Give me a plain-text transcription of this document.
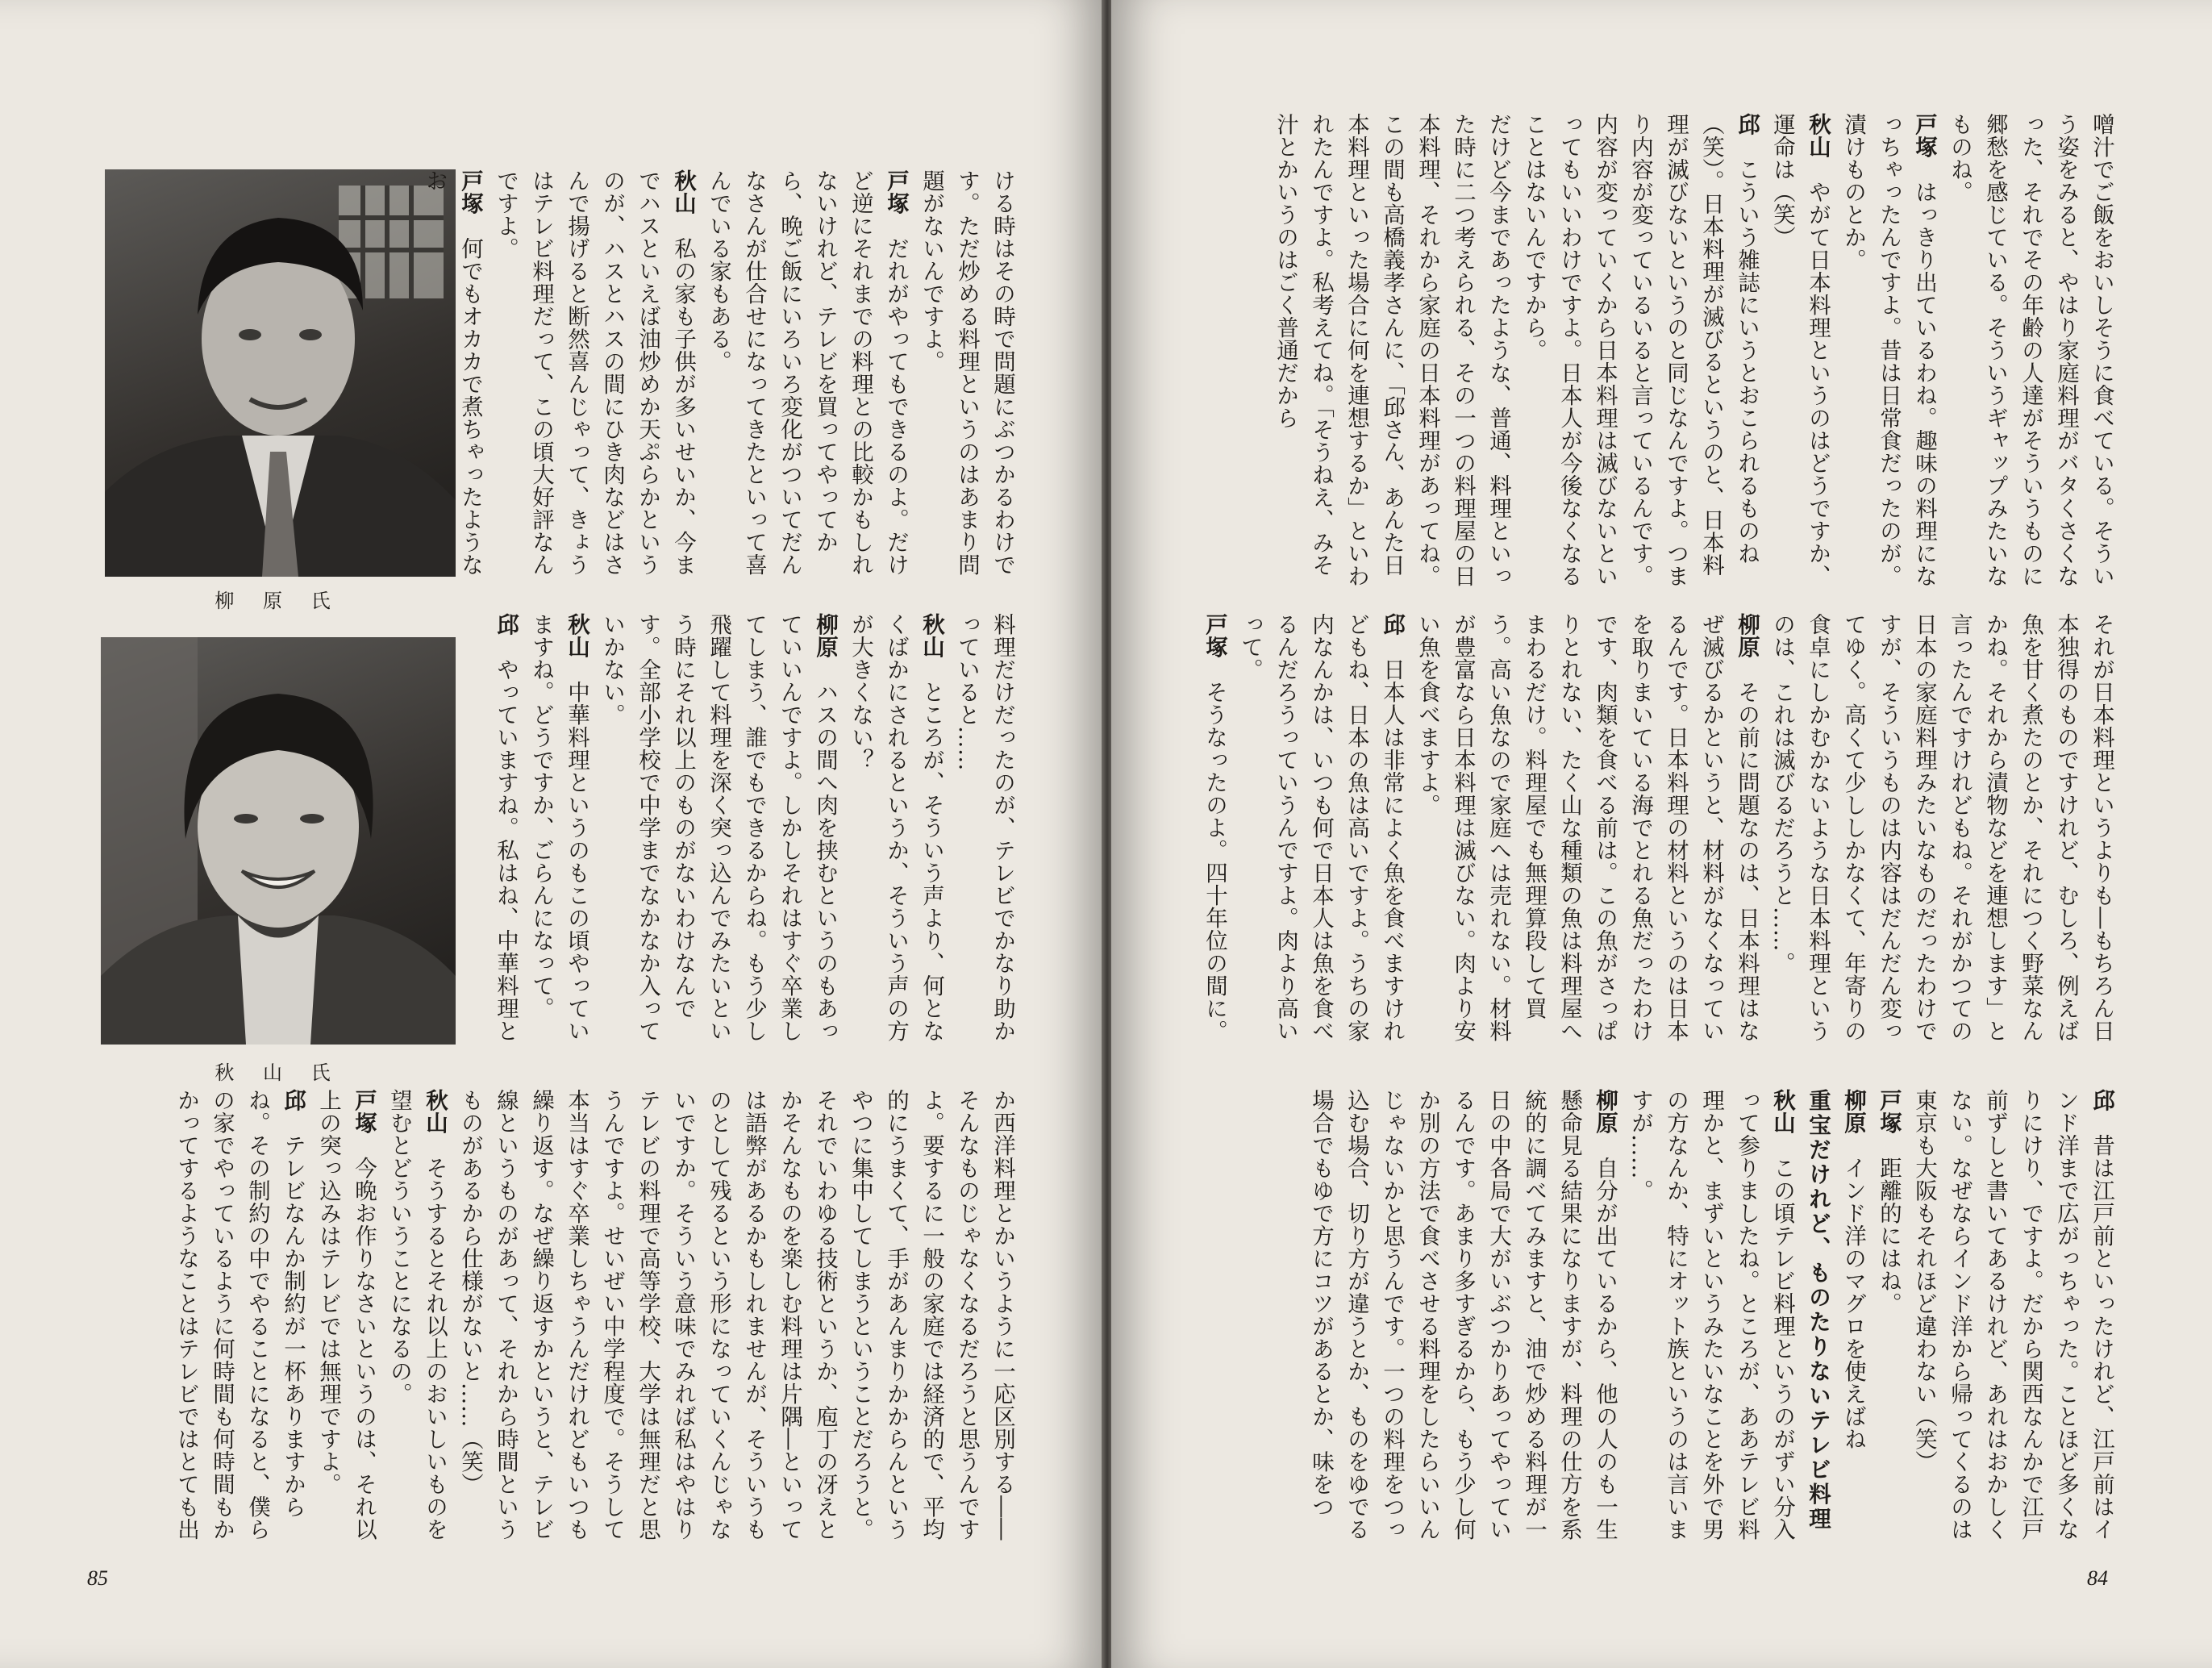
柳 原 氏
秋 山 氏

ける時はその時で問題にぶつかるわけです。ただ炒める料理というのはあまり問題がないんですよ。

戸塚だれがやってもできるのよ。だけど逆にそれまでの料理との比較かもしれないけれど、テレビを買ってやってから、晩ご飯にいろいろ変化がついてだんなさんが仕合せになってきたといって喜んでいる家もある。

秋山私の家も子供が多いせいか、今までハスといえば油炒めか天ぷらかというのが、ハスとハスの間にひき肉などはさんで揚げると断然喜んじゃって、きょうはテレビ料理だって、この頃大好評なんですよ。

戸塚何でもオカカで煮ちゃったようなお

料理だけだったのが、テレビでかなり助かっていると……

秋山ところが、そういう声より、何となくばかにされるというか、そういう声の方が大きくない？

柳原ハスの間へ肉を挟むというのもあっていいんですよ。しかしそれはすぐ卒業してしまう、誰でもできるからね。もう少し飛躍して料理を深く突っ込んでみたいという時にそれ以上のものがないわけなんです。全部小学校で中学までなかなか入っていかない。

秋山中華料理というのもこの頃やっていますね。どうですか、ごらんになって。

邱やっていますね。私はね、中華料理と

か西洋料理とかいうように一応区別する――そんなものじゃなくなるだろうと思うんですよ。要するに一般の家庭では経済的で、平均的にうまくて、手があんまりかからんというやつに集中してしまうということだろうと。それでいわゆる技術というか、庖丁の冴えとかそんなものを楽しむ料理は片隅―といっては語弊があるかもしれませんが、そういうものとして残るという形になっていくんじゃないですか。そういう意味でみれば私はやはりテレビの料理で高等学校、大学は無理だと思うんですよ。せいぜい中学程度で。そうして本当はすぐ卒業しちゃうんだけれどもいつも繰り返す。なぜ繰り返すかというと、テレビ線というものがあって、それから時間というものがあるから仕様がないと……（笑）

秋山そうするとそれ以上のおいしいものを望むとどういうことになるの。

戸塚今晩お作りなさいというのは、それ以上の突っ込みはテレビでは無理ですよ。

邱テレビなんか制約が一杯ありますからね。その制約の中でやることになると、僕らの家でやっているように何時間も何時間もかかってするようなことはテレビではとても出

85

噌汁でご飯をおいしそうに食べている。そういう姿をみると、やはり家庭料理がバタくさくなった、それでその年齢の人達がそういうものに郷愁を感じている。そういうギャップみたいなものね。

戸塚はっきり出ているわね。趣味の料理になっちゃったんですよ。昔は日常食だったのが。漬けものとか。

秋山やがて日本料理というのはどうですか、運命は（笑）

邱こういう雑誌にいうとおこられるものね（笑）。日本料理が滅びるというのと、日本料理が滅びないというのと同じなんですよ。つまり内容が変っているいると言っているんです。内容が変っていくから日本料理は滅びないといってもいいわけですよ。日本人が今後なくなることはないんですから。

だけど今まであったような、普通、料理といった時に二つ考えられる、その一つの料理屋の日本料理、それから家庭の日本料理があってね。この間も高橋義孝さんに、「邱さん、あんた日本料理といった場合に何を連想するか」といわれたんですよ。私考えてね。「そうねえ、みそ汁とかいうのはごく普通だから

それが日本料理というよりも―もちろん日本独得のものですけれど、むしろ、例えば魚を甘く煮たのとか、それにつく野菜なんかね。それから漬物などを連想します」と言ったんですけれどもね。それがかつての日本の家庭料理みたいなものだったわけですが、そういうものは内容はだんだん変ってゆく。高くて少ししかなくて、年寄りの食卓にしかむかないような日本料理というのは、これは滅びるだろうと……。

柳原その前に問題なのは、日本料理はなぜ滅びるかというと、材料がなくなっているんです。日本料理の材料というのは日本を取りまいている海でとれる魚だったわけです、肉類を食べる前は。この魚がさっぱりとれない、たく山な種類の魚は料理屋へまわるだけ。料理屋でも無理算段して買う。高い魚なので家庭へは売れない。材料が豊富なら日本料理は滅びない。肉より安い魚を食べますよ。

邱日本人は非常によく魚を食べますけれどもね、日本の魚は高いですよ。うちの家内なんかは、いつも何で日本人は魚を食べるんだろうっていうんですよ。肉より高いって。

戸塚そうなったのよ。四十年位の間に。

邱昔は江戸前といったけれど、江戸前はインド洋まで広がっちゃった。ことほど多くなりにけり、ですよ。だから関西なんかで江戸前ずしと書いてあるけれど、あれはおかしくない。なぜならインド洋から帰ってくるのは東京も大阪もそれほど違わない（笑）

戸塚距離的にはね。

柳原インド洋のマグロを使えばね

重宝だけれど、ものたりないテレビ料理

秋山この頃テレビ料理というのがずい分入って参りましたね。ところが、ああテレビ料理かと、まずいというみたいなことを外で男の方なんか、特にオット族というのは言いますが……。

柳原自分が出ているから、他の人のも一生懸命見る結果になりますが、料理の仕方を系統的に調べてみますと、油で炒める料理が一日の中各局で大がいぶつかりあってやっているんです。あまり多すぎるから、もう少し何か別の方法で食べさせる料理をしたらいいんじゃないかと思うんです。一つの料理をつっ込む場合、切り方が違うとか、ものをゆでる場合でもゆで方にコツがあるとか、味をつ

84
